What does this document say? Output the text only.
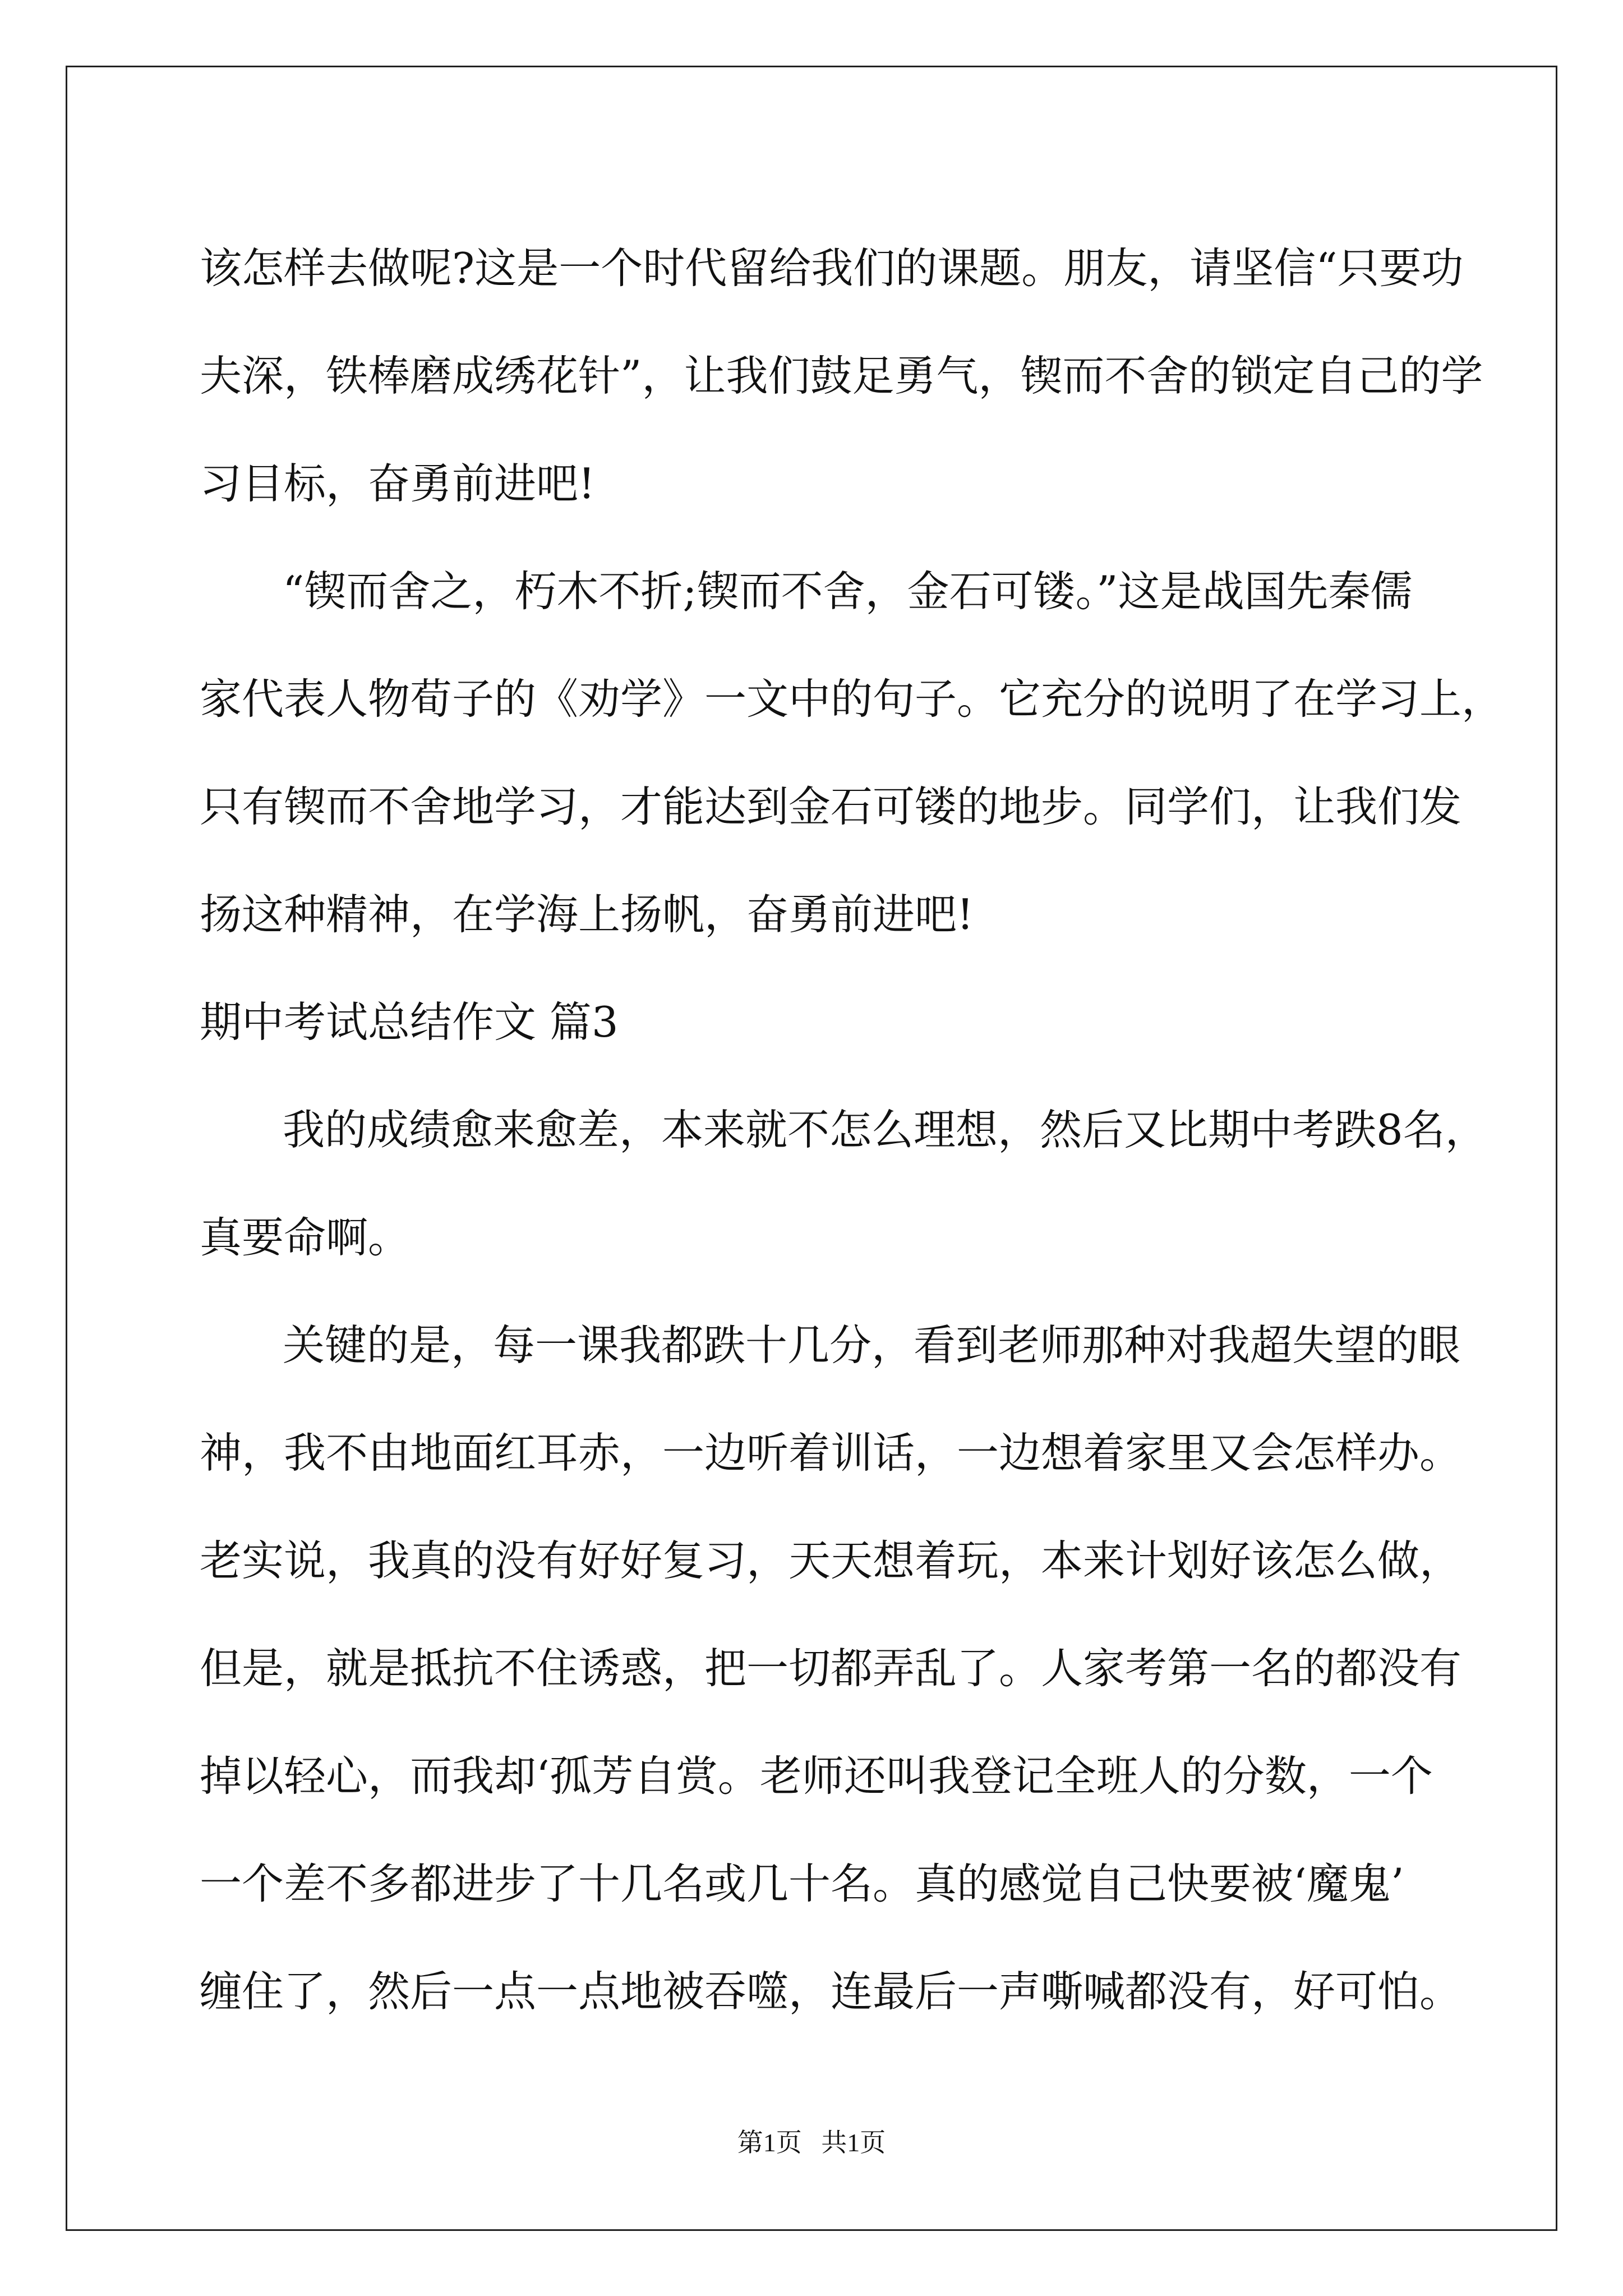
该怎样去做呢?这是一个时代留给我们的课题。朋友，请坚信“只要功
夫深，铁棒磨成绣花针”，让我们鼓足勇气，锲而不舍的锁定自己的学
习目标，奋勇前进吧!
“锲而舍之，朽木不折;锲而不舍，金石可镂。”这是战国先秦儒
家代表人物荀子的《劝学》一文中的句子。它充分的说明了在学习上，
只有锲而不舍地学习，才能达到金石可镂的地步。同学们，让我们发
扬这种精神，在学海上扬帆，奋勇前进吧!
期中考试总结作文 篇3
我的成绩愈来愈差，本来就不怎么理想，然后又比期中考跌8名，
真要命啊。
关键的是，每一课我都跌十几分，看到老师那种对我超失望的眼
神，我不由地面红耳赤，一边听着训话，一边想着家里又会怎样办。
老实说，我真的没有好好复习，天天想着玩，本来计划好该怎么做，
但是，就是抵抗不住诱惑，把一切都弄乱了。人家考第一名的都没有
掉以轻心，而我却‘孤芳自赏。老师还叫我登记全班人的分数，一个
一个差不多都进步了十几名或几十名。真的感觉自己快要被‘魔鬼’
缠住了，然后一点一点地被吞噬，连最后一声嘶喊都没有，好可怕。
第1页   共1页
